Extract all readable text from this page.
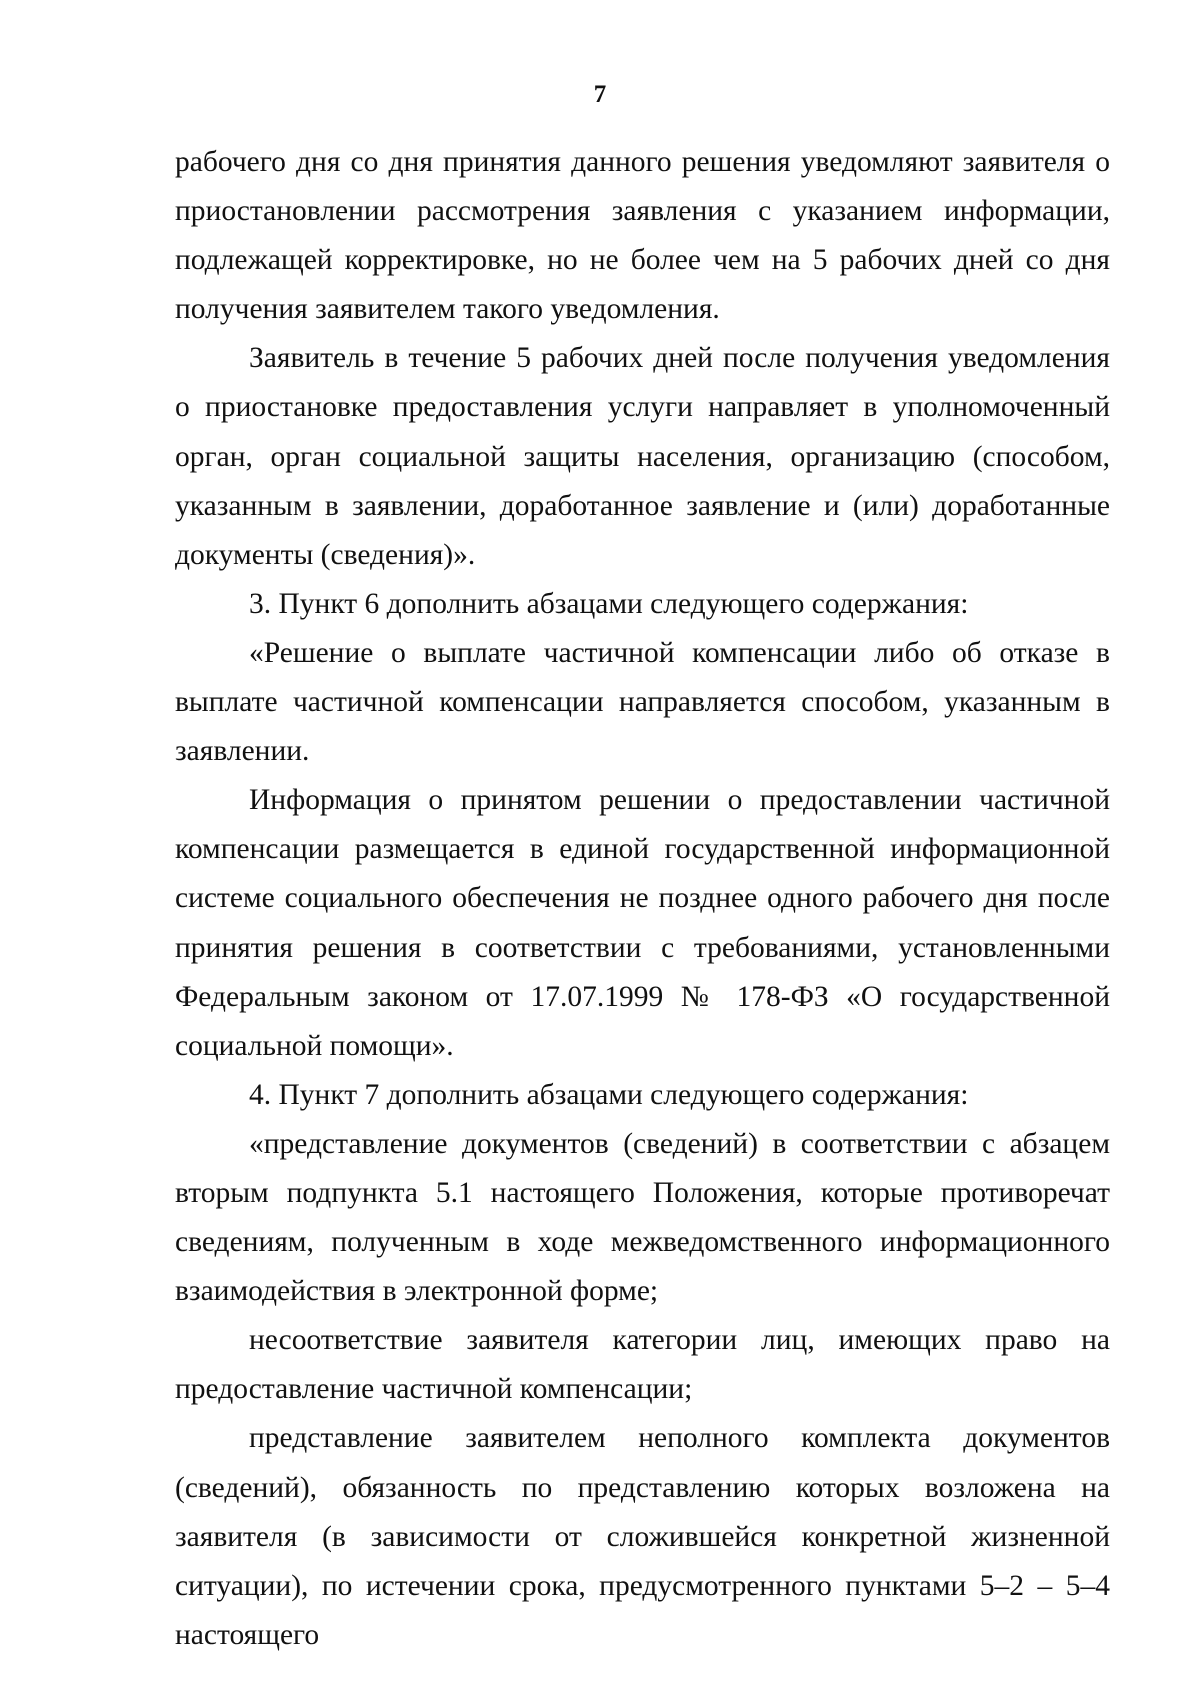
7

рабочего дня со дня принятия данного решения уведомляют заявителя о приостановлении рассмотрения заявления с указанием информации, подлежащей корректировке, но не более чем на 5 рабочих дней со дня получения заявителем такого уведомления.

Заявитель в течение 5 рабочих дней после получения уведомления о приостановке предоставления услуги направляет в уполномоченный орган, орган социальной защиты населения, организацию (способом, указанным в заявлении, доработанное заявление и (или) доработанные документы (сведения)».

3. Пункт 6 дополнить абзацами следующего содержания:

«Решение о выплате частичной компенсации либо об отказе в выплате частичной компенсации направляется способом, указанным в заявлении.

Информация о принятом решении о предоставлении частичной компенсации размещается в единой государственной информационной системе социального обеспечения не позднее одного рабочего дня после принятия решения в соответствии с требованиями, установленными Федеральным законом от 17.07.1999 № 178-ФЗ «О государственной социальной помощи».

4. Пункт 7 дополнить абзацами следующего содержания:

«представление документов (сведений) в соответствии с абзацем вторым подпункта 5.1 настоящего Положения, которые противоречат сведениям, полученным в ходе межведомственного информационного взаимодействия в электронной форме;

несоответствие заявителя категории лиц, имеющих право на предоставление частичной компенсации;

представление заявителем неполного комплекта документов (сведений), обязанность по представлению которых возложена на заявителя (в зависимости от сложившейся конкретной жизненной ситуации), по истечении срока, предусмотренного пунктами 5–2 – 5–4 настоящего
